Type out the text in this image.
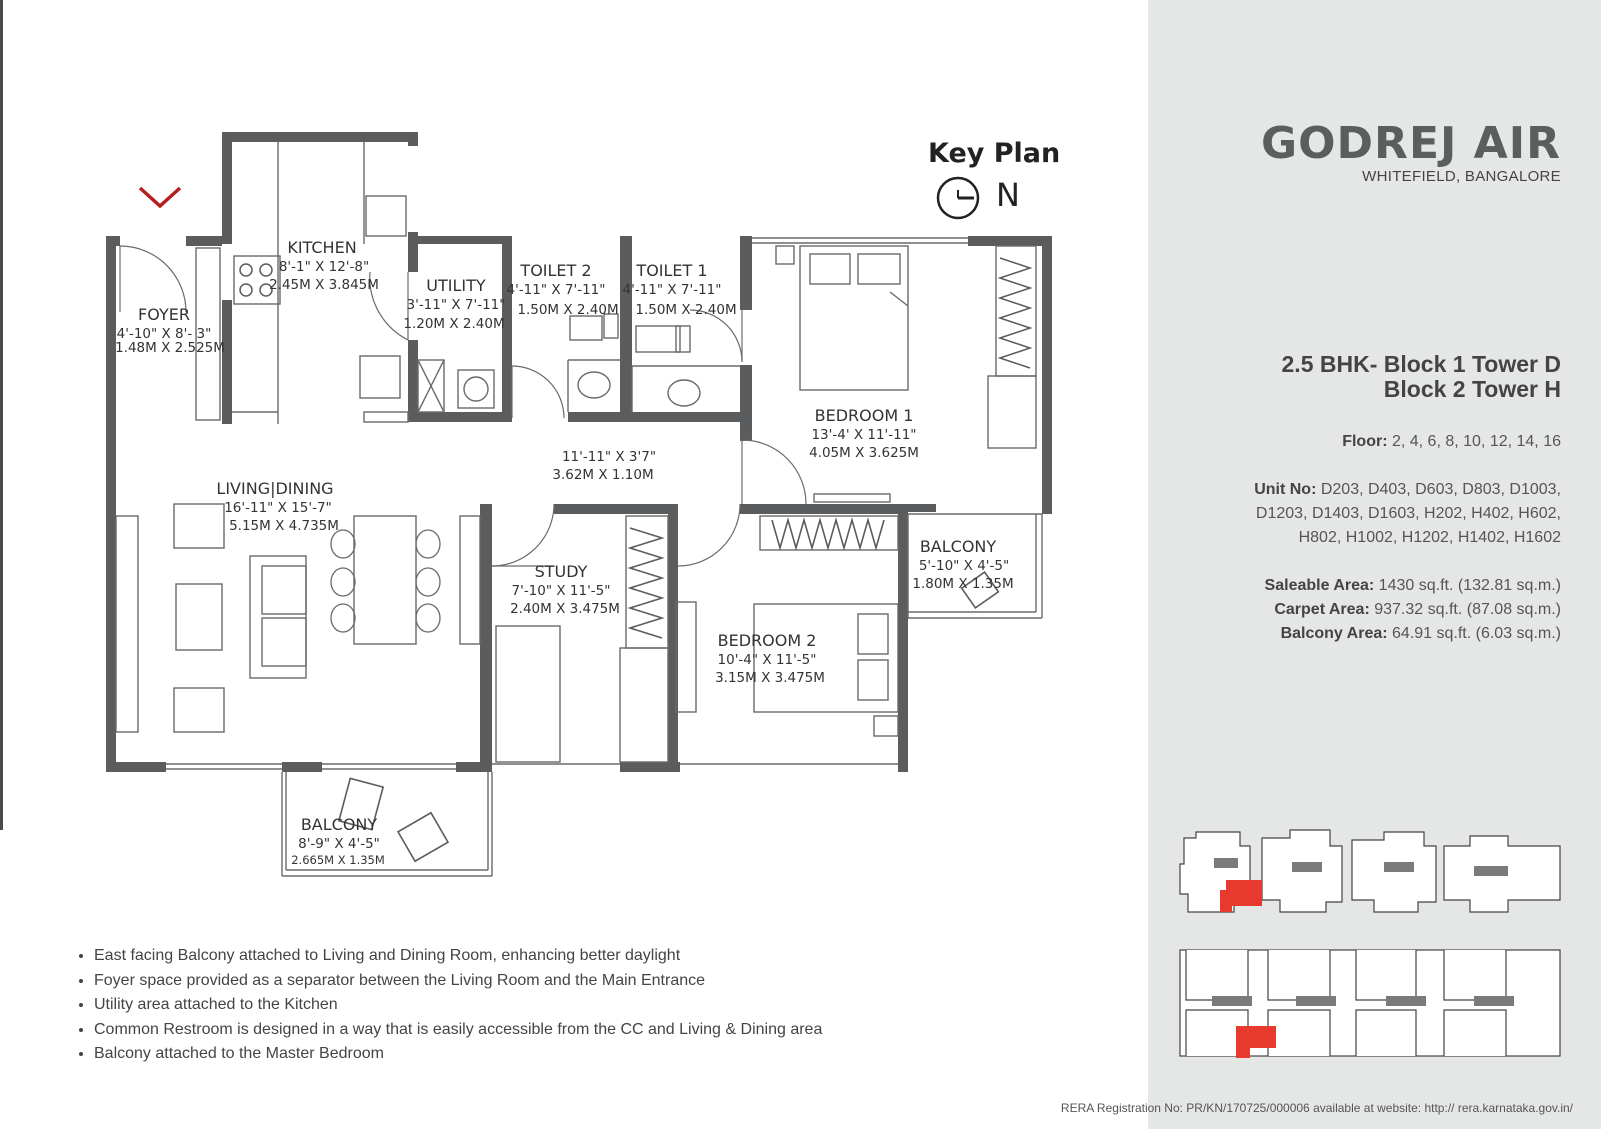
GODREJ AIR
WHITEFIELD, BANGALORE
2.5 BHK- Block 1 Tower D
Block 2 Tower H
Floor: 2, 4, 6, 8, 10, 12, 14, 16
Unit No: D203, D403, D603, D803, D1003,
D1203, D1403, D1603, H202, H402, H602,
H802, H1002, H1202, H1402, H1602
Saleable Area: 1430 sq.ft. (132.81 sq.m.)
Carpet Area: 937.32 sq.ft. (87.08 sq.m.)
Balcony Area: 64.91 sq.ft. (6.03 sq.m.)
Key Plan
N
KITCHEN
8'-1" X 12'-8"
2.45M X 3.845M	UTILITY
3'-11" X 7'-11"
1.20M X 2.40M
TOILET 2
4'-11" X 7'-11"
1.50M X 2.40M
TOILET 1
4'-11" X 7'-11"
1.50M X 2.40M
FOYER
4'-10" X 8'- 3"
1.48M X 2.525M
BEDROOM 1
13'-4' X 11'-11"
4.05M X 3.625M
11'-11" X 3'7"
3.62M X 1.10M
LIVING|DINING
16'-11" X 15'-7"
5.15M X 4.735M
STUDY
7'-10" X 11'-5"
2.40M X 3.475M
BEDROOM 2
10'-4" X 11'-5"
3.15M X 3.475M
BALCONY
5'-10" X 4'-5"
1.80M X 1.35M
BALCONY
8'-9" X 4'-5"
2.665M X 1.35M
• East facing Balcony attached to Living and Dining Room, enhancing better daylight
• Foyer space provided as a separator between the Living Room and the Main Entrance
• Utility area attached to the Kitchen
• Common Restroom is designed in a way that is easily accessible from the CC and Living & Dining area
• Balcony attached to the Master Bedroom
RERA Registration No: PR/KN/170725/000006 available at website: http:// rera.karnataka.gov.in/
